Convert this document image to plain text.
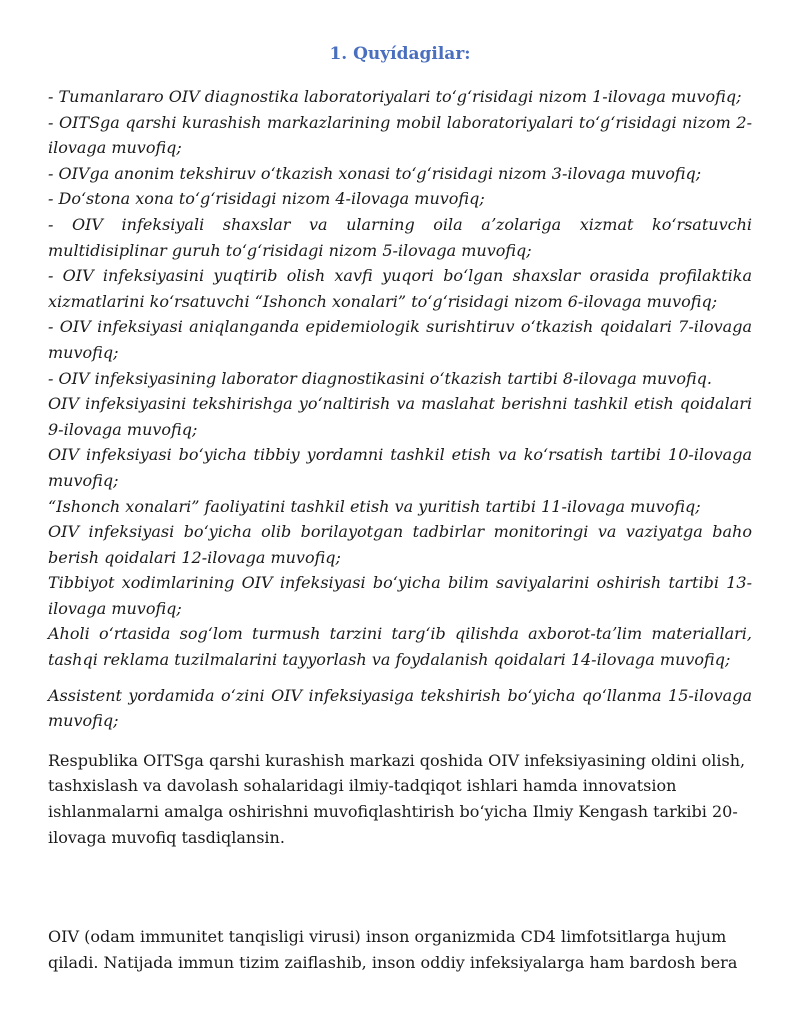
1. Quyídagilar:

- Tumanlararo OIV diagnostika laboratoriyalari toʻgʻrisidagi nizom 1-ilovaga muvofiq;

- OITSga qarshi kurashish markazlarining mobil laboratoriyalari toʻgʻrisidagi nizom 2-ilovaga muvofiq;

- OIVga anonim tekshiruv oʻtkazish xonasi toʻgʻrisidagi nizom 3-ilovaga muvofiq;

- Doʻstona xona toʻgʻrisidagi nizom 4-ilovaga muvofiq;

- OIV infeksiyali shaxslar va ularning oila aʼzolariga xizmat koʻrsatuvchi multidisiplinar guruh toʻgʻrisidagi nizom 5-ilovaga muvofiq;

- OIV infeksiyasini yuqtirib olish xavfi yuqori boʻlgan shaxslar orasida profilaktika xizmatlarini koʻrsatuvchi “Ishonch xonalari” toʻgʻrisidagi nizom 6-ilovaga muvofiq;

- OIV infeksiyasi aniqlanganda epidemiologik surishtiruv oʻtkazish qoidalari 7-ilovaga muvofiq;

- OIV infeksiyasining laborator diagnostikasini oʻtkazish tartibi 8-ilovaga muvofiq.

OIV infeksiyasini tekshirishga yoʻnaltirish va maslahat berishni tashkil etish qoidalari 9-ilovaga muvofiq;

OIV infeksiyasi boʻyicha tibbiy yordamni tashkil etish va koʻrsatish tartibi 10-ilovaga muvofiq;

“Ishonch xonalari” faoliyatini tashkil etish va yuritish tartibi 11-ilovaga muvofiq;

OIV infeksiyasi boʻyicha olib borilayotgan tadbirlar monitoringi va vaziyatga baho berish qoidalari 12-ilovaga muvofiq;

Tibbiyot xodimlarining OIV infeksiyasi boʻyicha bilim saviyalarini oshirish tartibi 13-ilovaga muvofiq;

Aholi oʻrtasida sogʻlom turmush tarzini targʻib qilishda axborot-taʼlim materiallari, tashqi reklama tuzilmalarini tayyorlash va foydalanish qoidalari 14-ilovaga muvofiq;

Assistent yordamida oʻzini OIV infeksiyasiga tekshirish boʻyicha qoʻllanma 15-ilovaga muvofiq;

Respublika OITSga qarshi kurashish markazi qoshida OIV infeksiyasining oldini olish, tashxislash va davolash sohalaridagi ilmiy-tadqiqot ishlari hamda innovatsion ishlanmalarni amalga oshirishni muvofiqlashtirish boʻyicha Ilmiy Kengash tarkibi 20-ilovaga muvofiq tasdiqlansin.

OIV (odam immunitet tanqisligi virusi) inson organizmida CD4 limfotsitlarga hujum qiladi. Natijada immun tizim zaiflashib, inson oddiy infeksiyalarga ham bardosh bera
